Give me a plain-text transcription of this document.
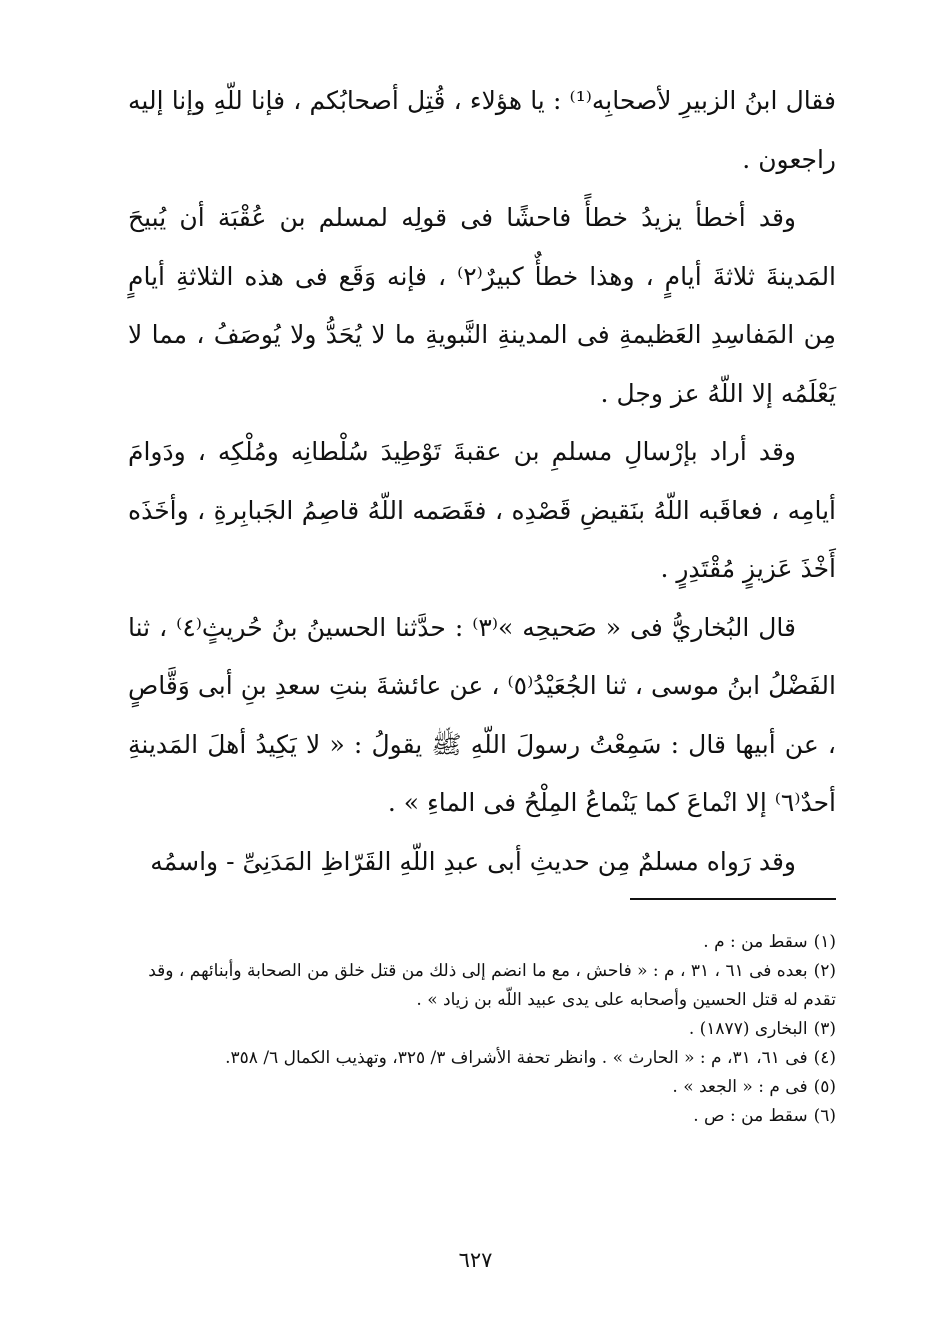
فقال ابنُ الزبيرِ لأصحابِه⁽¹⁾ : يا هؤلاء ، قُتِل أصحابُكم ، فإنا للّهِ وإنا إليه راجعون .

وقد أخطأ يزيدُ خطأً فاحشًا فى قولِه لمسلم بن عُقْبَة أن يُبيحَ المَدينةَ ثلاثةَ أيامٍ ، وهذا خطأٌ كبيرٌ⁽٢⁾ ، فإنه وَقَع فى هذه الثلاثةِ أيامٍ مِن المَفاسِدِ العَظيمةِ فى المدينةِ النَّبويةِ ما لا يُحَدُّ ولا يُوصَفُ ، مما لا يَعْلَمُه إلا اللّهُ عز وجل .

وقد أراد بإرْسالِ مسلمِ بن عقبةَ تَوْطِيدَ سُلْطانِه ومُلْكِه ، ودَوامَ أيامِه ، فعاقَبه اللّهُ بنَقيضِ قَصْدِه ، فقَصَمه اللّهُ قاصِمُ الجَبابِرةِ ، وأخَذَه أَخْذَ عَزيزٍ مُقْتَدِرٍ .

قال البُخاريُّ فى « صَحيحِه »⁽٣⁾ : حدَّثنا الحسينُ بنُ حُريثٍ⁽٤⁾ ، ثنا الفَضْلُ ابنُ موسى ، ثنا الجُعَيْدُ⁽٥⁾ ، عن عائشةَ بنتِ سعدِ بنِ أبى وَقَّاصٍ ، عن أبيها قال : سَمِعْتُ رسولَ اللّهِ ﷺ يقولُ : « لا يَكِيدُ أهلَ المَدينةِ أحدٌ⁽٦⁾ إلا انْماعَ كما يَنْماعُ المِلْحُ فى الماءِ » .

وقد رَواه مسلمٌ مِن حديثِ أبى عبدِ اللّهِ القَرّاظِ المَدَنِىِّ - واسمُه

(١)سقط من : م .

(٢)بعده فى ٦١ ، ٣١ ، م : « فاحش ، مع ما انضم إلى ذلك من قتل خلق من الصحابة وأبنائهم ، وقد تقدم له قتل الحسين وأصحابه على يدى عبيد اللّه بن زياد » .

(٣)البخارى (١٨٧٧) .

(٤)فى ٦١، ٣١، م : « الحارث » . وانظر تحفة الأشراف ٣/ ٣٢٥، وتهذيب الكمال ٦/ ٣٥٨.

(٥)فى م : « الجعد » .

(٦)سقط من : ص .

٦٢٧
